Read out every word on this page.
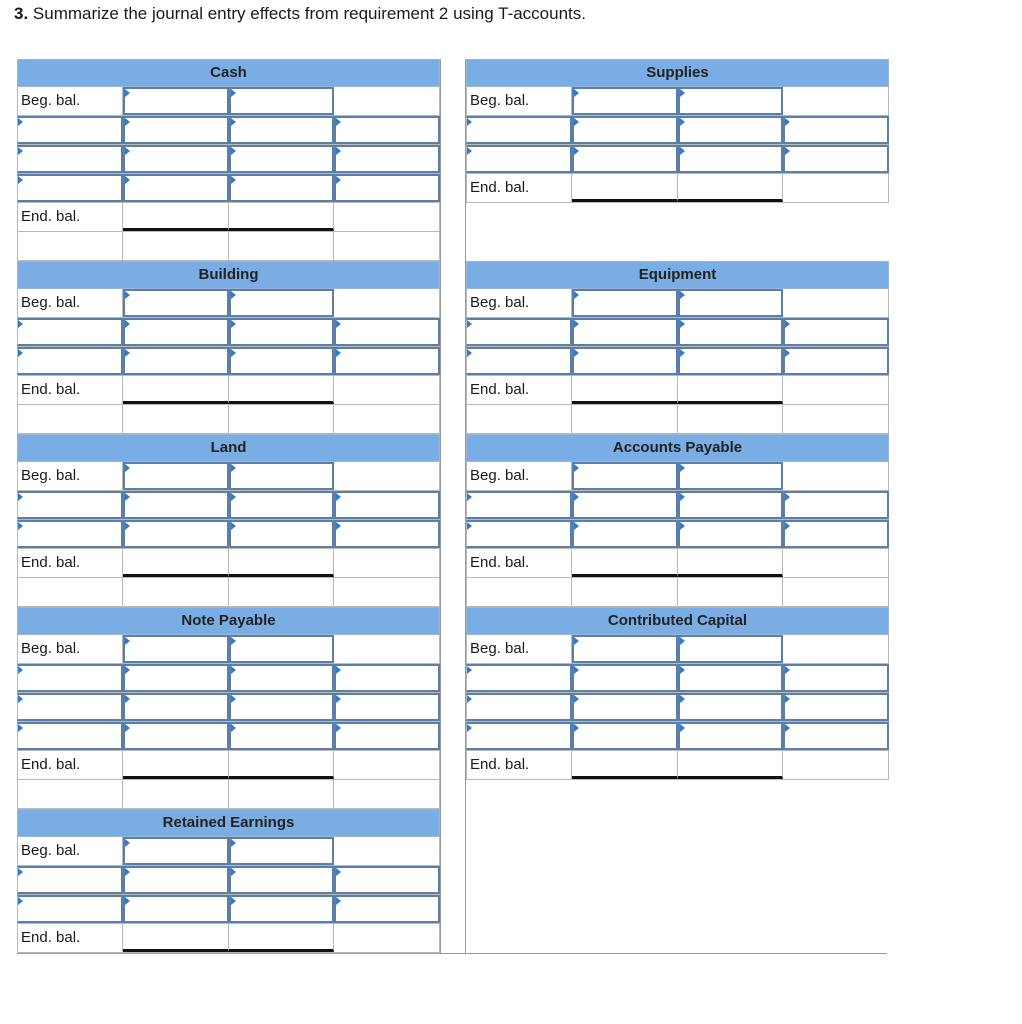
3. Summarize the journal entry effects from requirement 2 using T-accounts.
Cash
Beg. bal.
End. bal.
Building
Beg. bal.
End. bal.
Land
Beg. bal.
End. bal.
Note Payable
Beg. bal.
End. bal.
Retained Earnings
Beg. bal.
End. bal.
Supplies
Beg. bal.
End. bal.
Equipment
Beg. bal.
End. bal.
Accounts Payable
Beg. bal.
End. bal.
Contributed Capital
Beg. bal.
End. bal.
